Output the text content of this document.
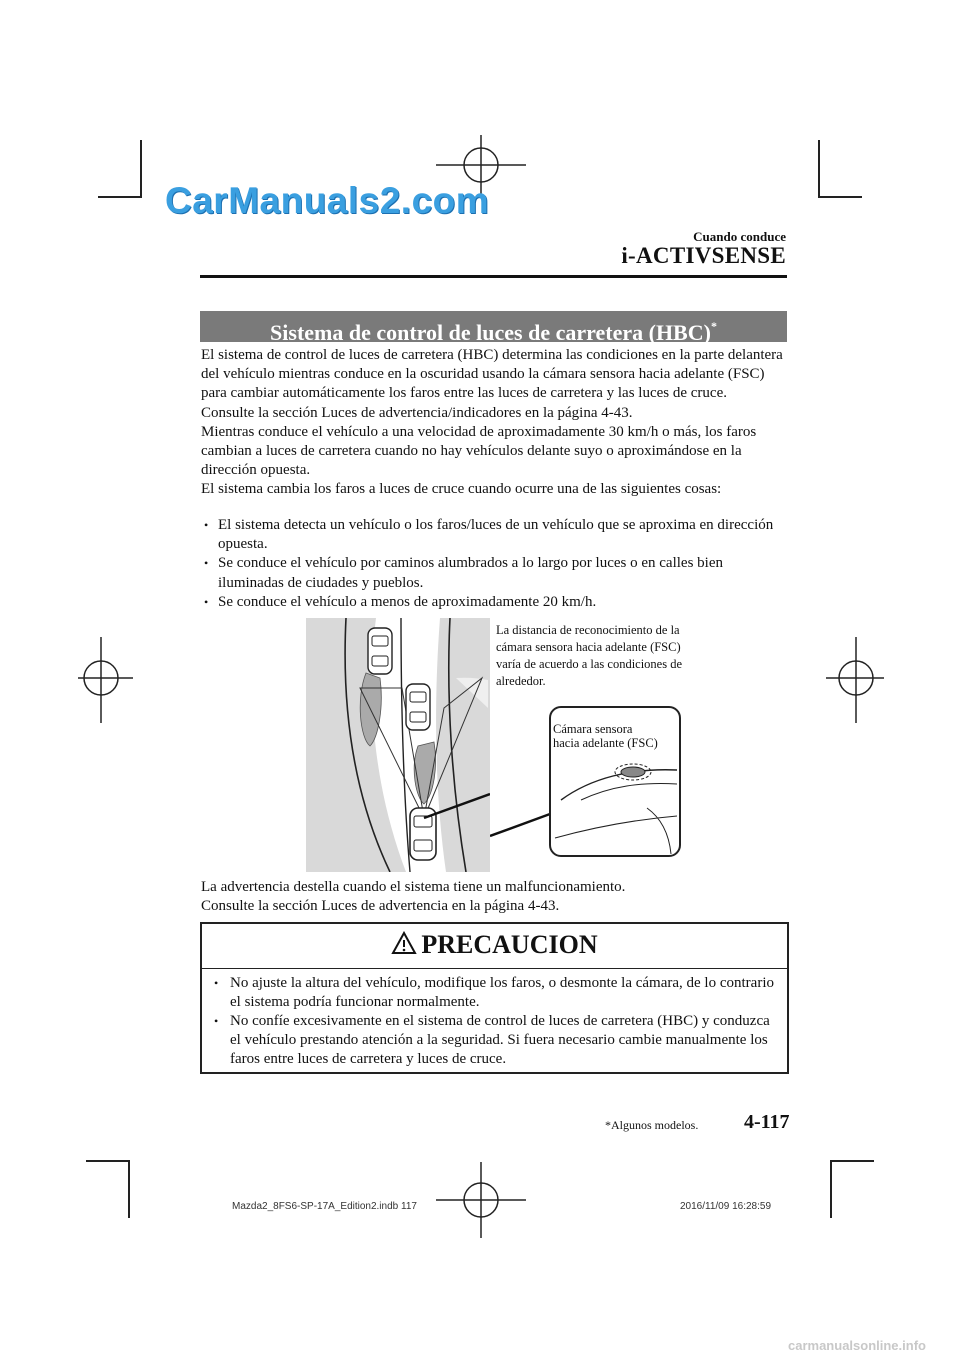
CarManuals2.com
Cuando conduce
i-ACTIVSENSE
Sistema de control de luces de carretera (HBC)*

El sistema de control de luces de carretera (HBC) determina las condiciones en la parte delantera del vehículo mientras conduce en la oscuridad usando la cámara sensora hacia adelante (FSC) para cambiar automáticamente los faros entre las luces de carretera y las luces de cruce.

Consulte la sección Luces de advertencia/indicadores en la página 4-43.

Mientras conduce el vehículo a una velocidad de aproximadamente 30 km/h o más, los faros cambian a luces de carretera cuando no hay vehículos delante suyo o aproximándose en la dirección opuesta.

El sistema cambia los faros a luces de cruce cuando ocurre una de las siguientes cosas:

• El sistema detecta un vehículo o los faros/luces de un vehículo que se aproxima en dirección opuesta.
• Se conduce el vehículo por caminos alumbrados a lo largo por luces o en calles bien iluminadas de ciudades y pueblos.
• Se conduce el vehículo a menos de aproximadamente 20 km/h.
La distancia de reconocimiento de la cámara sensora hacia adelante (FSC) varía de acuerdo a las condiciones de alrededor.
Cámara sensora
hacia adelante (FSC)

La advertencia destella cuando el sistema tiene un malfuncionamiento.

Consulte la sección Luces de advertencia en la página 4-43.

PRECAUCION
• No ajuste la altura del vehículo, modifique los faros, o desmonte la cámara, de lo contrario el sistema podría funcionar normalmente.
• No confíe excesivamente en el sistema de control de luces de carretera (HBC) y conduzca el vehículo prestando atención a la seguridad. Si fuera necesario cambie manualmente los faros entre luces de carretera y luces de cruce.
*Algunos modelos. 4-117
Mazda2_8FS6-SP-17A_Edition2.indb 117	2016/11/09 16:28:59
carmanualsonline.info
